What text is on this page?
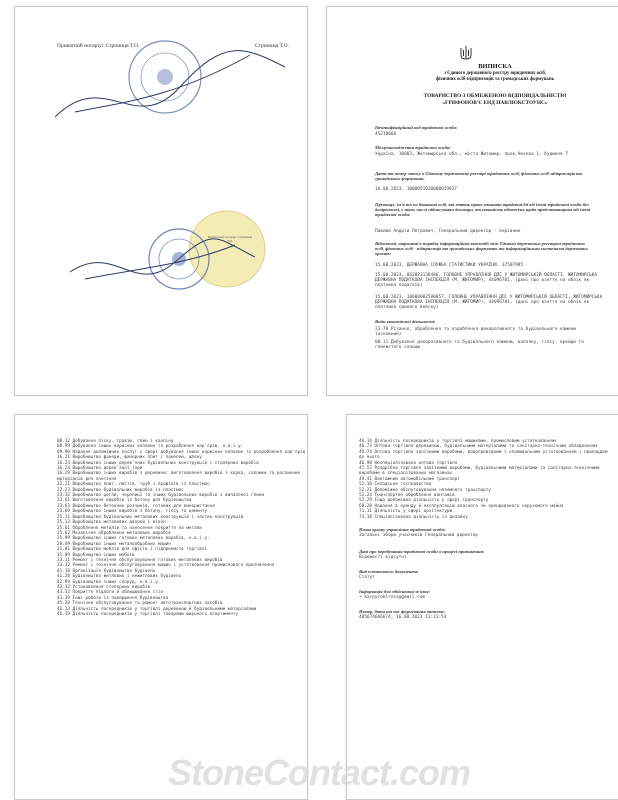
Приватний нотаріус Стриниця Т.О.	Стриниця Т.О.
Приватний нотаріус Стриниця Т.О.
ВИПИСКА
з Єдиного державного реєстру юридичних осіб,
фізичних осіб-підприємців та громадських формувань
ТОВАРИСТВО З ОБМЕЖЕНОЮ ВІДПОВІДАЛЬНІСТЮ
«ГРИФОНОВ'Є ЕНД ПАВЛЮКСТОУНС»
Ідентифікаційний код юридичної особи:
45210666
Місцезнаходження юридичної особи:
Україна, 10003, Житомирська обл., місто Житомир, пров.Чехова 1, будинок 7
Дата та номер запису в Єдиному державному реєстрі юридичних осіб, фізичних осіб-підприємців та громадських формувань:
16.08.2023, 1000051020000019827
Прізвище, ім'я та по батькові осіб, які мають право вчиняти юридичні дії від імені юридичної особи без довіреності, у тому числі підписувати договори, та наявність обмежень щодо представництва від імені юридичної особи:
Павлюк Андрій Петрович, Генеральний директор - керівник
Відомості, отримані в порядку інформаційної взаємодії між Єдиним державним реєстром юридичних осіб, фізичних осіб - підприємців та громадських формувань та інформаційними системами державних органів:
15.08.2023, ДЕРЖАВНА СЛУЖБА СТАТИСТИКИ УКРАЇНИ, 37507985
15.08.2023, 062023138486, ГОЛОВНЕ УПРАВЛІННЯ ДПС У ЖИТОМИРСЬКІЙ ОБЛАСТІ, ЖИТОМИРСЬКА ДЕРЖАВНА ПОДАТКОВА ІНСПЕКЦІЯ (М. ЖИТОМИР), 44096781, (дані про взяття на облік як платника податків)
15.08.2023, 10000002590057, ГОЛОВНЕ УПРАВЛІННЯ ДПС У ЖИТОМИРСЬКІЙ ОБЛАСТІ, ЖИТОМИРСЬКА ДЕРЖАВНА ПОДАТКОВА ІНСПЕКЦІЯ (М. ЖИТОМИР), 44096781, (дані про взяття на облік як платника єдиного внеску)
Види економічної діяльності:
23.70 Різання, оброблення та оздоблення декоративного та будівельного каменю (основний)
08.11 Добування декоративного та будівельного каменю, вапняку, гіпсу, крейди та глинистого сланцю
08.12 Добування піску, гравію, глин і каоліну
08.99 Добування інших корисних копалин та розроблення кар'єрів, н.в.і.у.
09.90 Надання допоміжних послуг у сфері добування інших корисних копалин та розроблення кар'єрів
16.21 Виробництво фанери, фанерних плит і панелей, шпону
16.23 Виробництво інших дерев'яних будівельних конструкцій і столярних виробів
16.24 Виробництво дерев'яної тари
16.29 Виробництво інших виробів з деревини; виготовлення виробів з корка, соломки та рослинних матеріалів для плетіння
22.21 Виробництво плит, листів, труб і профілів із пластмас
22.23 Виробництво будівельних виробів із пластмас
23.32 Виробництво цегли, черепиці та інших будівельних виробів з випаленої глини
23.61 Виготовлення виробів із бетону для будівництва
23.63 Виробництво бетонних розчинів, готових для використання
23.69 Виробництво інших виробів з бетону, гіпсу та цементу
25.11 Виробництво будівельних металевих конструкцій і частин конструкцій
25.12 Виробництво металевих дверей і вікон
25.61 Оброблення металів та нанесення покриття на метали
25.62 Механічне оброблення металевих виробів
25.99 Виробництво інших готових металевих виробів, н.в.і.у.
28.49 Виробництво інших металообробних машин
31.01 Виробництво меблів для офісів і підприємств торгівлі
31.09 Виробництво інших меблів
33.11 Ремонт і технічне обслуговування готових металевих виробів
33.12 Ремонт і технічне обслуговування машин і устатковання промислового призначення
41.10 Організація будівництва будівель
41.20 Будівництво житлових і нежитлових будівель
42.99 Будівництво інших споруд, н.в.і.у.
43.32 Установлення столярних виробів
43.33 Покриття підлоги й облицювання стін
43.39 Інші роботи із завершення будівництва
45.20 Технічне обслуговування та ремонт автотранспортних засобів
46.13 Діяльність посередників у торгівлі деревиною й будівельними матеріалами
46.19 Діяльність посередників у торгівлі товарами широкого асортименту
46.14 Діяльність посередників у торгівлі машинами, промисловим устаткованням
46.73 Оптова торгівля деревиною, будівельними матеріалами та санітарно-технічним обладнанням
46.74 Оптова торгівля залізними виробами, водопровідним і опалювальним устаткованням і приладдям до нього
46.90 Неспеціалізована оптова торгівля
47.52 Роздрібна торгівля залізними виробами, будівельними матеріалами та санітарно-технічними виробами в спеціалізованих магазинах
49.41 Вантажний автомобільний транспорт
52.10 Складське господарство
52.21 Допоміжне обслуговування наземного транспорту
52.24 Транспортне оброблення вантажів
52.29 Інша допоміжна діяльність у сфері транспорту
68.20 Надання в оренду й експлуатацію власного чи орендованого нерухомого майна
71.11 Діяльність у сфері архітектури
74.10 Спеціалізована діяльність із дизайну
Назва органу управління юридичної особи:
Загальні збори учасників Генеральний директор
Дані про перебування юридичної особи в процесі припинення:
Відомості відсутні
Вид установчого документа:
Статут
Інформація для здійснення зв'язку:
+ karpyroklrnss@gmail.com
Номер, дата та час формування виписки:
405674666674, 16.08.2023 13:11:53
StoneContact.com
